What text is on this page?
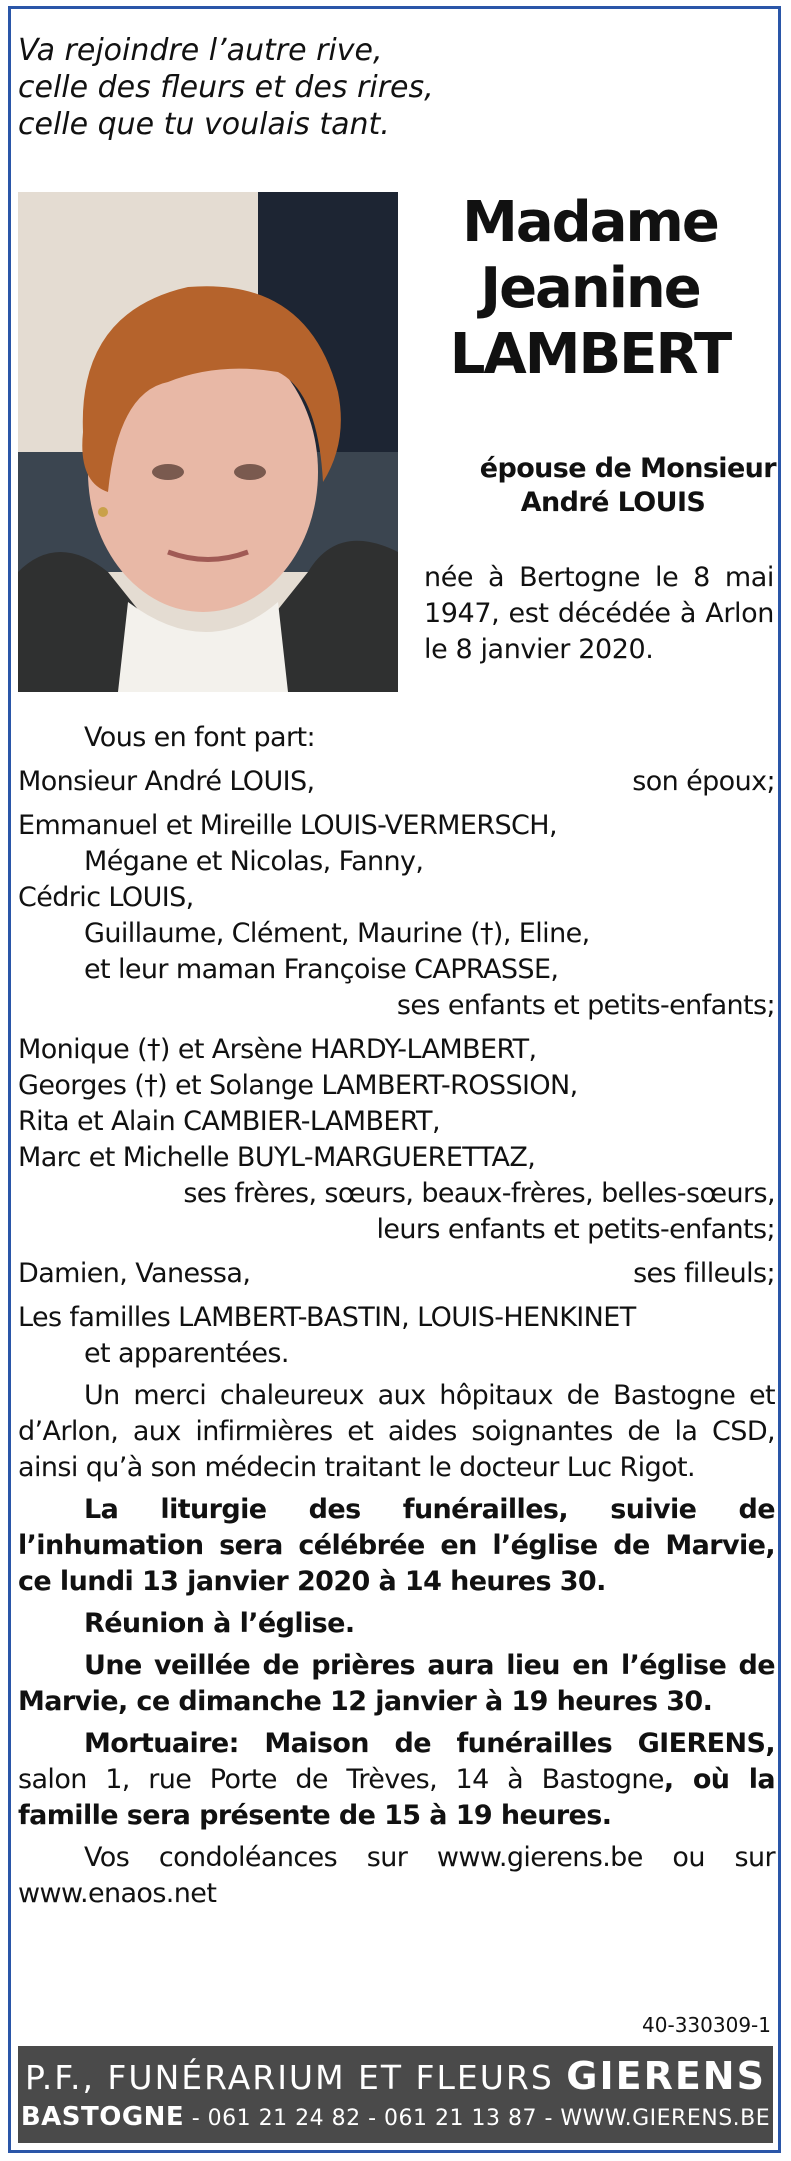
Va rejoindre l’autre rive,
celle des fleurs et des rires,
celle que tu voulais tant.
Madame
Jeanine
LAMBERT
épouse de Monsieur
André LOUIS
née à Bertogne le 8 mai 1947, est décédée à Arlon le 8 janvier 2020.
Vous en font part:
Monsieur André LOUIS,	son époux;
Emmanuel et Mireille LOUIS-VERMERSCH,
Mégane et Nicolas, Fanny,
Cédric LOUIS,
Guillaume, Clément, Maurine (†), Eline,
et leur maman Françoise CAPRASSE,
ses enfants et petits-enfants;
Monique (†) et Arsène HARDY-LAMBERT,
Georges (†) et Solange LAMBERT-ROSSION,
Rita et Alain CAMBIER-LAMBERT,
Marc et Michelle BUYL-MARGUERETTAZ,
ses frères, sœurs, beaux-frères, belles-sœurs,
leurs enfants et petits-enfants;
Damien, Vanessa,	ses filleuls;
Les familles LAMBERT-BASTIN, LOUIS-HENKINET
et apparentées.
Un merci chaleureux aux hôpitaux de Bastogne et d’Arlon, aux infirmières et aides soignantes de la CSD, ainsi qu’à son médecin traitant le docteur Luc Rigot.
La liturgie des funérailles, suivie de l’inhumation sera célébrée en l’église de Marvie, ce lundi 13 janvier 2020 à 14 heures 30.
Réunion à l’église.
Une veillée de prières aura lieu en l’église de Marvie, ce dimanche 12 janvier à 19 heures 30.
Mortuaire: Maison de funérailles GIERENS, salon 1, rue Porte de Trèves, 14 à Bastogne, où la famille sera présente de 15 à 19 heures.
Vos condoléances sur www.gierens.be ou sur www.enaos.net
40-330309-1
P.F., FUNÉRARIUM ET FLEURS GIERENS
BASTOGNE - 061 21 24 82 - 061 21 13 87 - WWW.GIERENS.BE
